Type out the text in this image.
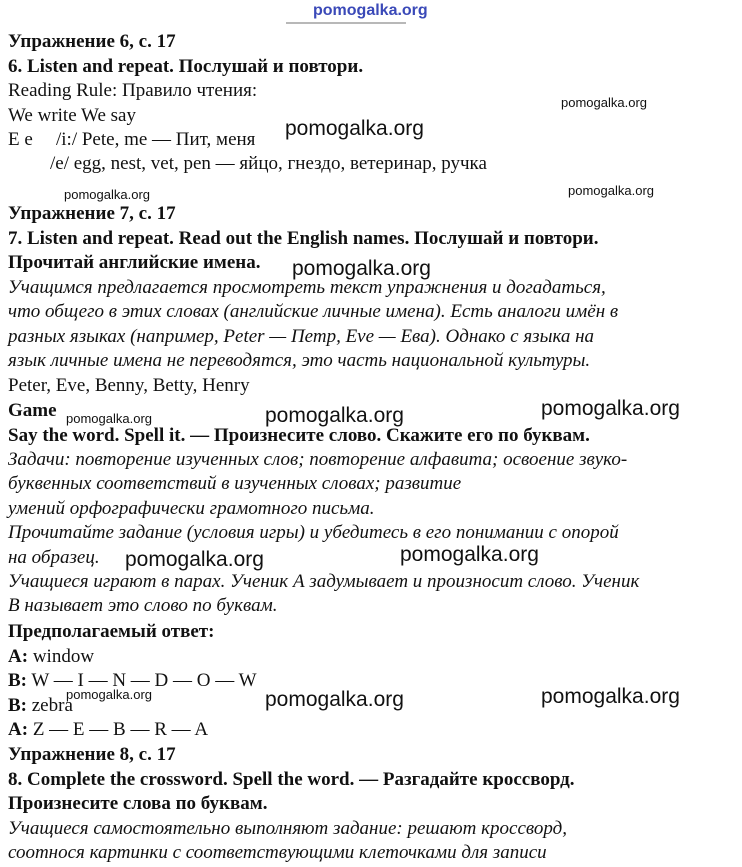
pomogalka.org
Упражнение 6, с. 17
6. Listen and repeat. Послушай и повтори.
Reading Rule: Правило чтения:
We write We say
E e /i:/ Pete, me — Пит, меня
/e/ egg, nest, vet, pen — яйцо, гнездо, ветеринар, ручка
Упражнение 7, с. 17
7. Listen and repeat. Read out the English names. Послушай и повтори.
Прочитай английские имена.
Учащимся предлагается просмотреть текст упражнения и догадаться,
что общего в этих словах (английские личные имена). Есть аналоги имён в
разных языках (например, Peter — Петр, Eve — Ева). Однако с языка на
язык личные имена не переводятся, это часть национальной культуры.
Peter, Eve, Benny, Betty, Henry
Game
Say the word. Spell it. — Произнесите слово. Скажите его по буквам.
Задачи: повторение изученных слов; повторение алфавита; освоение звуко-
буквенных соответствий в изученных словах; развитие
умений орфографически грамотного письма.
Прочитайте задание (условия игры) и убедитесь в его понимании с опорой
на образец.
Учащиеся играют в парах. Ученик А задумывает и произносит слово. Ученик
В называет это слово по буквам.
Предполагаемый ответ:
A: window
B: W — I — N — D — O — W
B: zebra
A: Z — E — B — R — A
Упражнение 8, с. 17
8. Complete the crossword. Spell the word. — Разгадайте кроссворд.
Произнесите слова по буквам.
Учащиеся самостоятельно выполняют задание: решают кроссворд,
соотнося картинки с соответствующими клеточками для записи
pomogalka.org
pomogalka.org
pomogalka.org	pomogalka.org
pomogalka.org
pomogalka.org	pomogalka.org	pomogalka.org
pomogalka.org	pomogalka.org
pomogalka.org	pomogalka.org	pomogalka.org
